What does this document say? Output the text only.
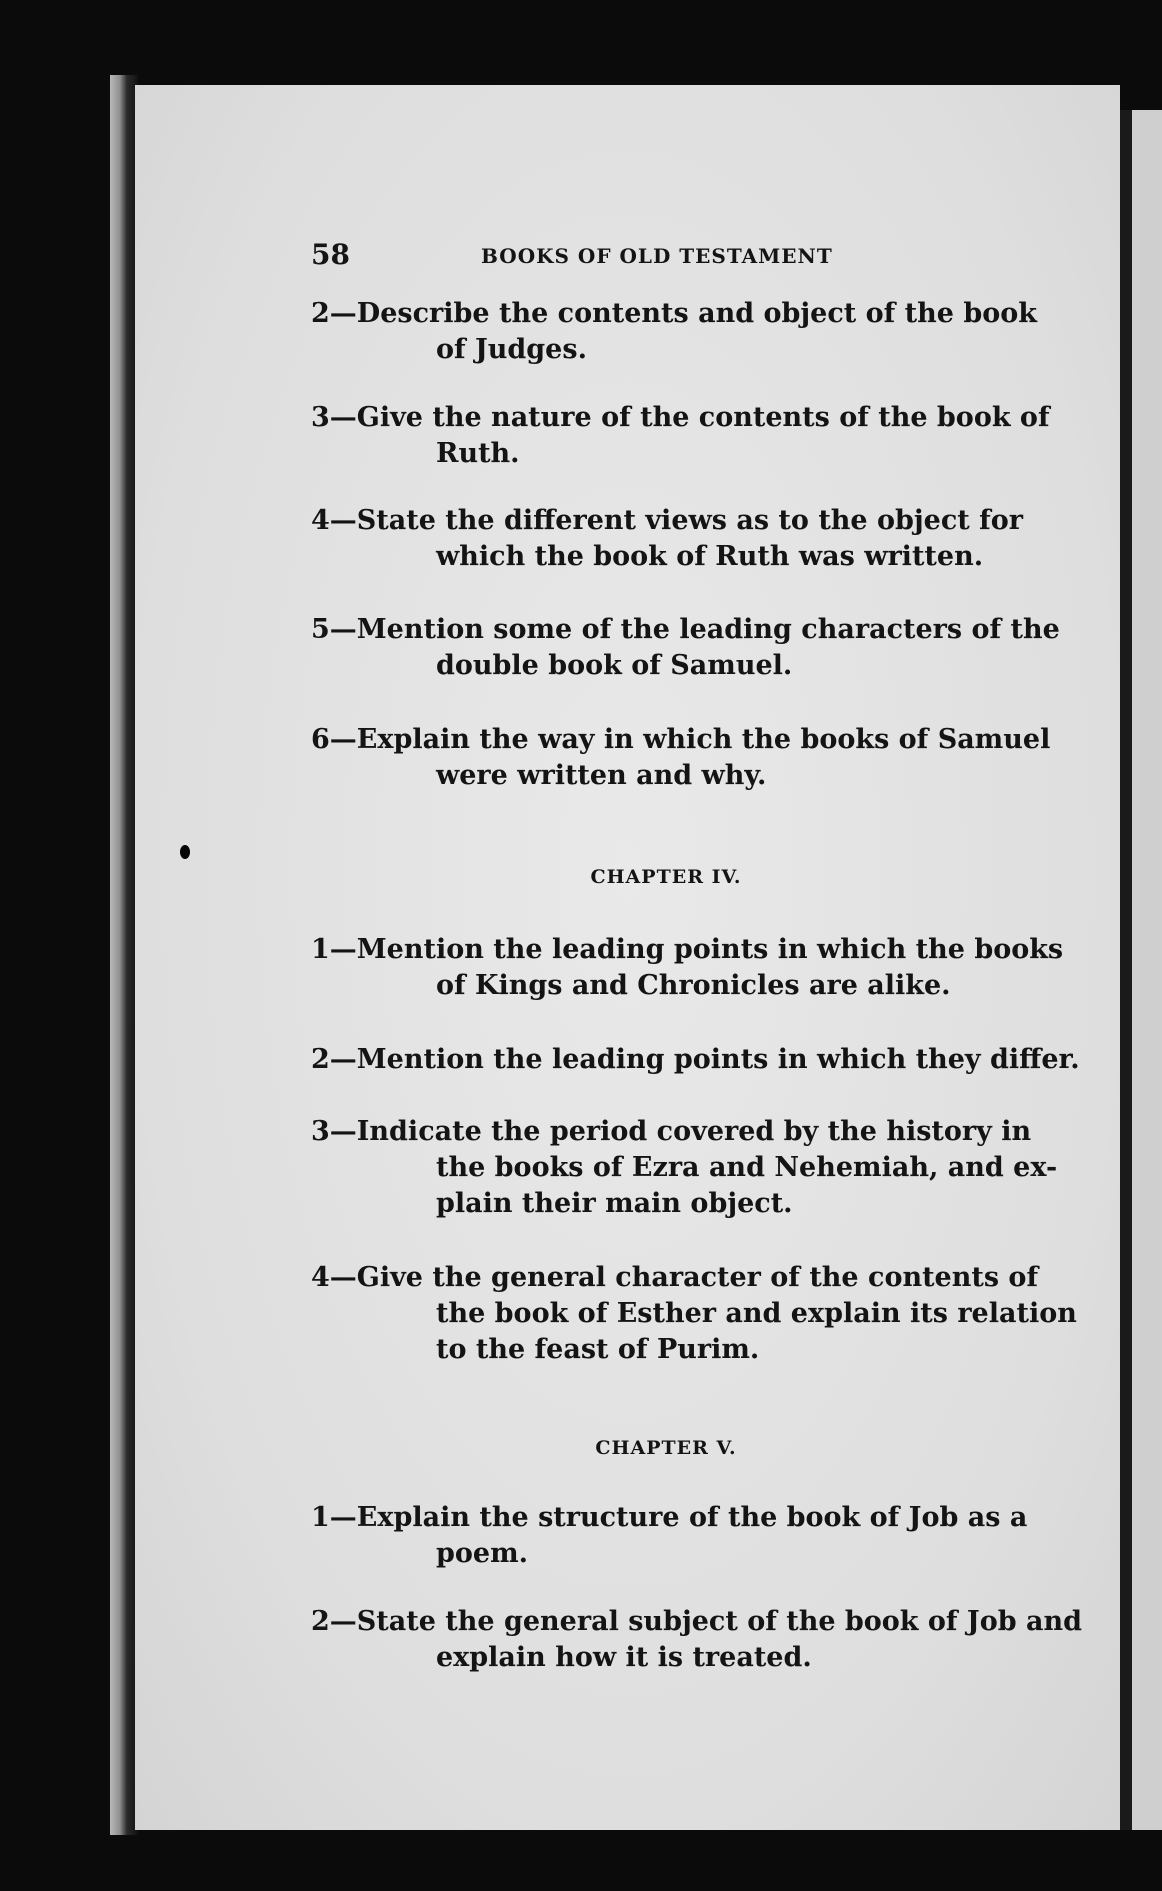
58	BOOKS OF OLD TESTAMENT
2—Describe the contents and object of the book
of Judges.
3—Give the nature of the contents of the book of
Ruth.
4—State the different views as to the object for
which the book of Ruth was written.
5—Mention some of the leading characters of the
double book of Samuel.
6—Explain the way in which the books of Samuel
were written and why.
CHAPTER IV.
1—Mention the leading points in which the books
of Kings and Chronicles are alike.
2—Mention the leading points in which they differ.
3—Indicate the period covered by the history in
the books of Ezra and Nehemiah, and ex-
plain their main object.
4—Give the general character of the contents of
the book of Esther and explain its relation
to the feast of Purim.
CHAPTER V.
1—Explain the structure of the book of Job as a
poem.
2—State the general subject of the book of Job and
explain how it is treated.
